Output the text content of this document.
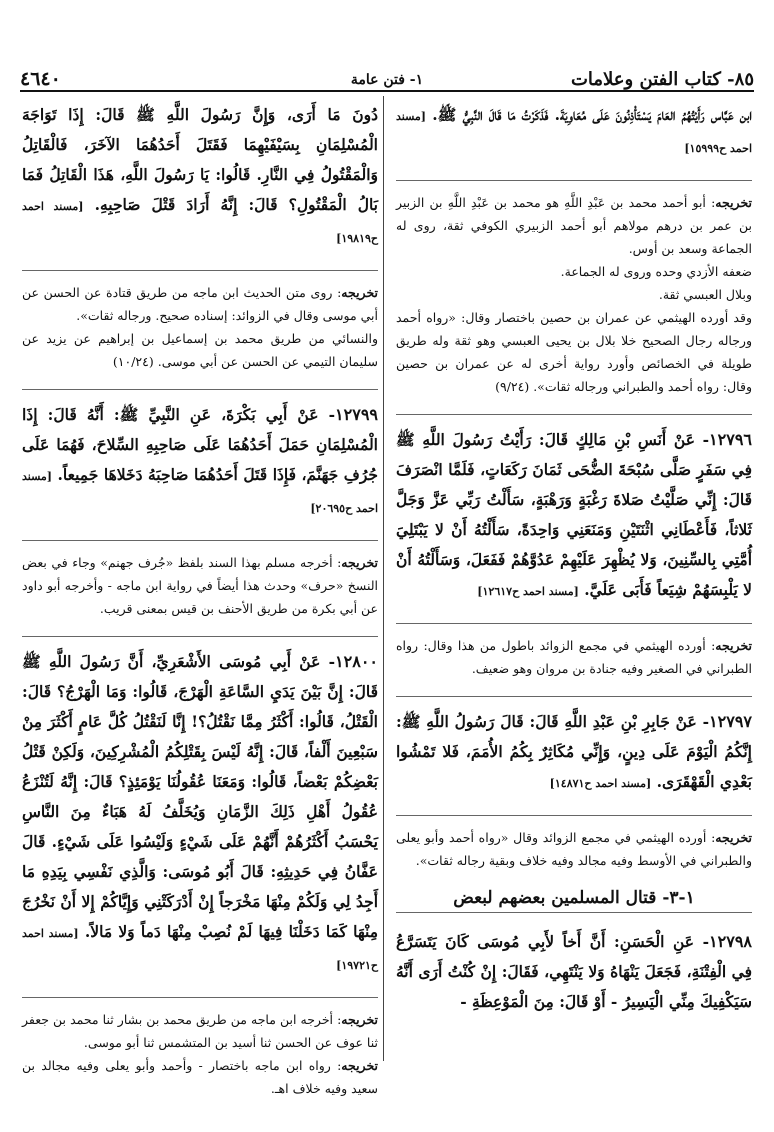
٨٥- كتاب الفتن وعلامات
١- فتن عامة
٤٦٤٠

ابن عَبَّاس رَأَيْتُهُمُ العَامَ يَسْتَأْذِنُونَ عَلَى مُعَاوِيَةَ. فَذَكَرْتُ مَا قَالَ النَّبِيُّ ﷺ. [مسند احمد ح١٥٩٩٩]

تخريجه: أبو أحمد محمد بن عَبْدِ اللَّهِ هو محمد بن عَبْدِ اللَّهِ بن الزبير بن عمر بن درهم مولاهم أبو أحمد الزبيري الكوفي ثقة، روى له الجماعة وسعد بن أوس.

ضعفه الأزدي وحده وروى له الجماعة.

وبلال العبسي ثقة.

وقد أورده الهيثمي عن عمران بن حصين باختصار وقال: «رواه أحمد ورجاله رجال الصحيح خلا بلال بن يحيى العبسي وهو ثقة وله طريق طويلة في الخصائص وأورد رواية أخرى له عن عمران بن حصين وقال: رواه أحمد والطبراني ورجاله ثقات». (٩/٢٤)

١٢٧٩٦- عَنْ أَنَسِ بْنِ مَالِكٍ قَالَ: رَأَيْتُ رَسُولَ اللَّهِ ﷺ فِي سَفَرٍ صَلَّى سُبْحَةَ الضُّحَى ثَمَانَ رَكَعَاتٍ، فَلَمَّا انْصَرَفَ قَالَ: إِنِّي صَلَّيْتُ صَلاةَ رَغْبَةٍ وَرَهْبَةٍ، سَأَلْتُ رَبِّي عَزَّ وَجَلَّ ثَلاثاً، فَأَعْطَانِي اثْنَتَيْنِ وَمَنَعَنِي وَاحِدَةً، سَأَلْتُهُ أَنْ لا يَبْتَلِيَ أُمَّتِي بِالسِّنِينَ، وَلا يُظْهِرَ عَلَيْهِمْ عَدُوَّهُمْ فَفَعَلَ، وَسَأَلْتُهُ أَنْ لا يَلْبِسَهُمْ شِيَعاً فَأَبَى عَلَيَّ. [مسند احمد ح١٢٦١٧]

تخريجه: أورده الهيثمي في مجمع الزوائد باطول من هذا وقال: رواه الطبراني في الصغير وفيه جنادة بن مروان وهو ضعيف.

١٢٧٩٧- عَنْ جَابِرِ بْنِ عَبْدِ اللَّهِ قَالَ: قَالَ رَسُولُ اللَّهِ ﷺ: إِنَّكُمُ الْيَوْمَ عَلَى دِينٍ، وَإِنِّي مُكَاثِرٌ بِكُمُ الأُمَمَ، فَلا تَمْشُوا بَعْدِي الْقَهْقَرَى. [مسند احمد ح١٤٨٧١]

تخريجه: أورده الهيثمي في مجمع الزوائد وقال «رواه أحمد وأبو يعلى والطبراني في الأوسط وفيه مجالد وفيه خلاف وبقية رجاله ثقات».

١-٣- قتال المسلمين بعضهم لبعض

١٢٧٩٨- عَنِ الْحَسَنِ: أَنَّ أَخاً لأَبِي مُوسَى كَانَ يَتَسَرَّعُ فِي الْفِتْنَةِ، فَجَعَلَ يَنْهَاهُ وَلا يَنْتَهِي، فَقَالَ: إِنْ كُنْتُ أَرَى أَنَّهُ سَيَكْفِيكَ مِنِّي الْيَسِيرُ - أَوْ قَالَ: مِنَ الْمَوْعِظَةِ -

دُونَ مَا أَرَى، وَإِنَّ رَسُولَ اللَّهِ ﷺ قَالَ: إِذَا تَوَاجَهَ الْمُسْلِمَانِ بِسَيْفَيْهِمَا فَقَتَلَ أَحَدُهُمَا الآخَرَ، فَالْقَاتِلُ وَالْمَقْتُولُ فِي النَّارِ. قَالُوا: يَا رَسُولَ اللَّهِ، هَذَا الْقَاتِلُ فَمَا بَالُ الْمَقْتُولِ؟ قَالَ: إِنَّهُ أَرَادَ قَتْلَ صَاحِبِهِ. [مسند احمد ح١٩٨١٩]

تخريجه: روى متن الحديث ابن ماجه من طريق قتادة عن الحسن عن أبي موسى وقال في الزوائد: إسناده صحيح. ورجاله ثقات».

والنسائي من طريق محمد بن إسماعيل بن إبراهيم عن يزيد عن سليمان التيمي عن الحسن عن أبي موسى. (١٠/٢٤)

١٢٧٩٩- عَنْ أَبِي بَكْرَةَ، عَنِ النَّبِيِّ ﷺ: أَنَّهُ قَالَ: إِذَا الْمُسْلِمَانِ حَمَلَ أَحَدُهُمَا عَلَى صَاحِبِهِ السِّلاحَ، فَهُمَا عَلَى جُرُفِ جَهَنَّمَ، فَإِذَا قَتَلَ أَحَدُهُمَا صَاحِبَهُ دَخَلاهَا جَمِيعاً. [مسند احمد ح٢٠٦٩٥]

تخريجه: أخرجه مسلم بهذا السند بلفظ «جُرف جهنم» وجاء في بعض النسخ «حرف» وحدث هذا أيضاً في رواية ابن ماجه - وأخرجه أبو داود عن أبي بكرة من طريق الأحنف بن قيس بمعنى قريب.

١٢٨٠٠- عَنْ أَبِي مُوسَى الأَشْعَرِيِّ، أَنَّ رَسُولَ اللَّهِ ﷺ قَالَ: إِنَّ بَيْنَ يَدَيِ السَّاعَةِ الْهَرْجَ، قَالُوا: وَمَا الْهَرْجُ؟ قَالَ: الْقَتْلُ، قَالُوا: أَكْثَرُ مِمَّا نَقْتُلُ؟! إِنَّا لَنَقْتُلُ كُلَّ عَامٍ أَكْثَرَ مِنْ سَبْعِينَ أَلْفاً، قَالَ: إِنَّهُ لَيْسَ بِقَتْلِكُمُ الْمُشْرِكِينَ، وَلَكِنْ قَتْلُ بَعْضِكُمْ بَعْضاً، قَالُوا: وَمَعَنَا عُقُولُنَا يَوْمَئِذٍ؟ قَالَ: إِنَّهُ لَتُنْزَعُ عُقُولُ أَهْلِ ذَلِكَ الزَّمَانِ وَيُخَلَّفُ لَهُ هَبَاءٌ مِنَ النَّاسِ يَحْسَبُ أَكْثَرُهُمْ أَنَّهُمْ عَلَى شَيْءٍ وَلَيْسُوا عَلَى شَيْءٍ. قَالَ عَفَّانُ فِي حَدِيثِهِ: قَالَ أَبُو مُوسَى: وَالَّذِي نَفْسِي بِيَدِهِ مَا أَجِدُ لِي وَلَكُمْ مِنْهَا مَخْرَجاً إِنْ أَدْرَكَتْنِي وَإِيَّاكُمْ إِلا أَنْ نَخْرُجَ مِنْهَا كَمَا دَخَلْنَا فِيهَا لَمْ نُصِبْ مِنْهَا دَماً وَلا مَالاً. [مسند احمد ح١٩٧٢١]

تخريجه: أخرجه ابن ماجه من طريق محمد بن بشار ثنا محمد بن جعفر ثنا عوف عن الحسن ثنا أسيد بن المتشمس ثنا أبو موسى.

تخريجه: رواه ابن ماجه باختصار - وأحمد وأبو يعلى وفيه مجالد بن سعيد وفيه خلاف اهـ.
